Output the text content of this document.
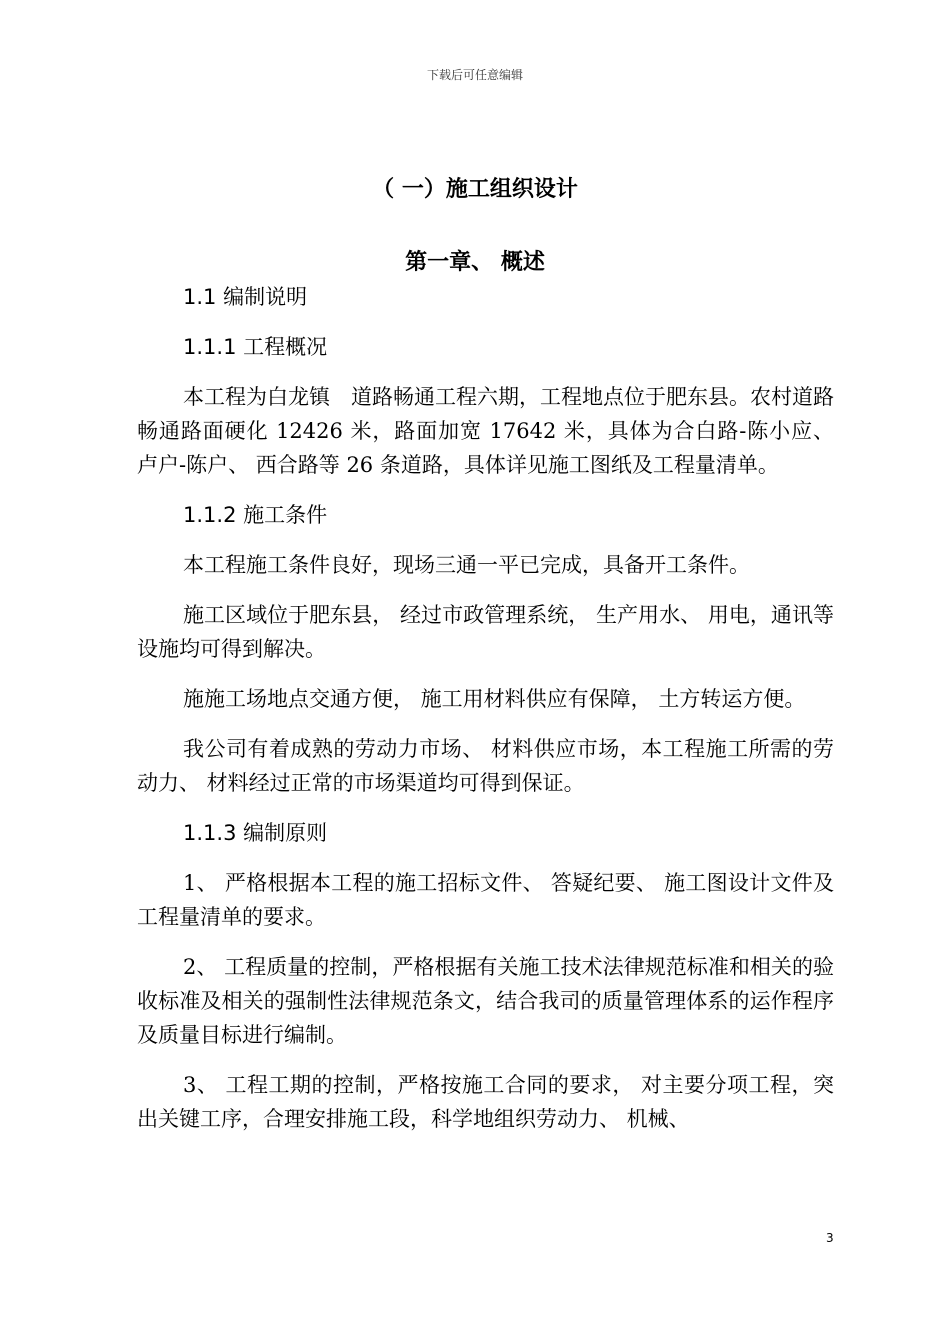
下载后可任意编辑
（ 一）施工组织设计
第一章、 概述
1.1 编制说明
1.1.1 工程概况

本工程为白龙镇　道路畅通工程六期，工程地点位于肥东县。农村道路畅通路面硬化 12426 米，路面加宽 17642 米，具体为合白路-陈小应、 卢户-陈户、 西合路等 26 条道路，具体详见施工图纸及工程量清单。

1.1.2 施工条件

本工程施工条件良好，现场三通一平已完成，具备开工条件。

施工区域位于肥东县， 经过市政管理系统， 生产用水、 用电，通讯等设施均可得到解决。

施施工场地点交通方便， 施工用材料供应有保障， 土方转运方便。

我公司有着成熟的劳动力市场、 材料供应市场，本工程施工所需的劳动力、 材料经过正常的市场渠道均可得到保证。

1.1.3 编制原则

1、 严格根据本工程的施工招标文件、 答疑纪要、 施工图设计文件及工程量清单的要求。

2、 工程质量的控制，严格根据有关施工技术法律规范标准和相关的验收标准及相关的强制性法律规范条文，结合我司的质量管理体系的运作程序及质量目标进行编制。

3、 工程工期的控制，严格按施工合同的要求， 对主要分项工程，突出关键工序，合理安排施工段，科学地组织劳动力、 机械、

3
